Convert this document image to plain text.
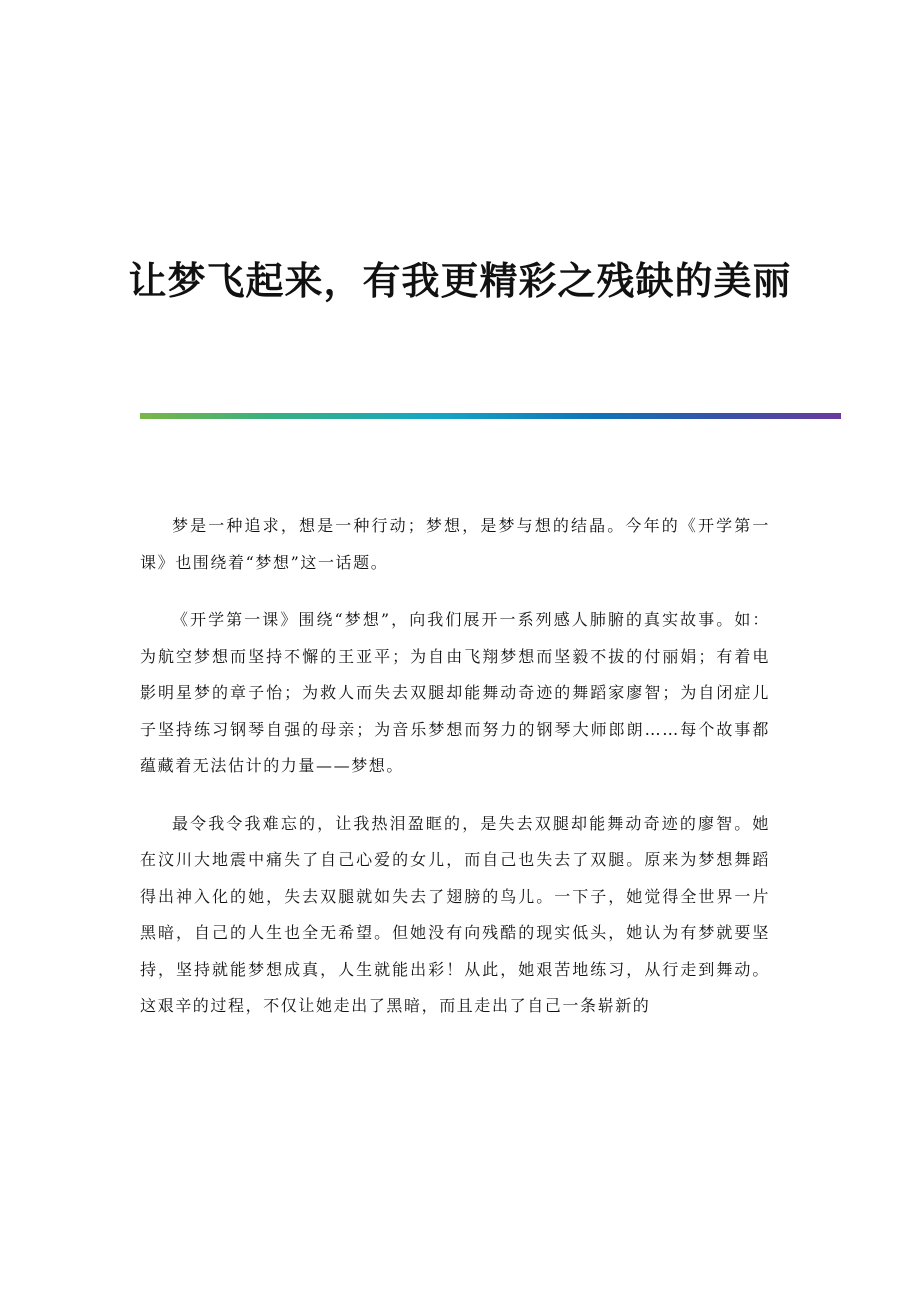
让梦飞起来，有我更精彩之残缺的美丽

梦是一种追求，想是一种行动；梦想，是梦与想的结晶。今年的《开学第一课》也围绕着“梦想”这一话题。

《开学第一课》围绕“梦想”，向我们展开一系列感人肺腑的真实故事。如：为航空梦想而坚持不懈的王亚平；为自由飞翔梦想而坚毅不拔的付丽娟；有着电影明星梦的章子怡；为救人而失去双腿却能舞动奇迹的舞蹈家廖智；为自闭症儿子坚持练习钢琴自强的母亲；为音乐梦想而努力的钢琴大师郎朗……每个故事都蕴藏着无法估计的力量——梦想。

最令我令我难忘的，让我热泪盈眶的，是失去双腿却能舞动奇迹的廖智。她在汶川大地震中痛失了自己心爱的女儿，而自己也失去了双腿。原来为梦想舞蹈得出神入化的她，失去双腿就如失去了翅膀的鸟儿。一下子，她觉得全世界一片黑暗，自己的人生也全无希望。但她没有向残酷的现实低头，她认为有梦就要坚持，坚持就能梦想成真，人生就能出彩！从此，她艰苦地练习，从行走到舞动。这艰辛的过程，不仅让她走出了黑暗，而且走出了自己一条崭新的
